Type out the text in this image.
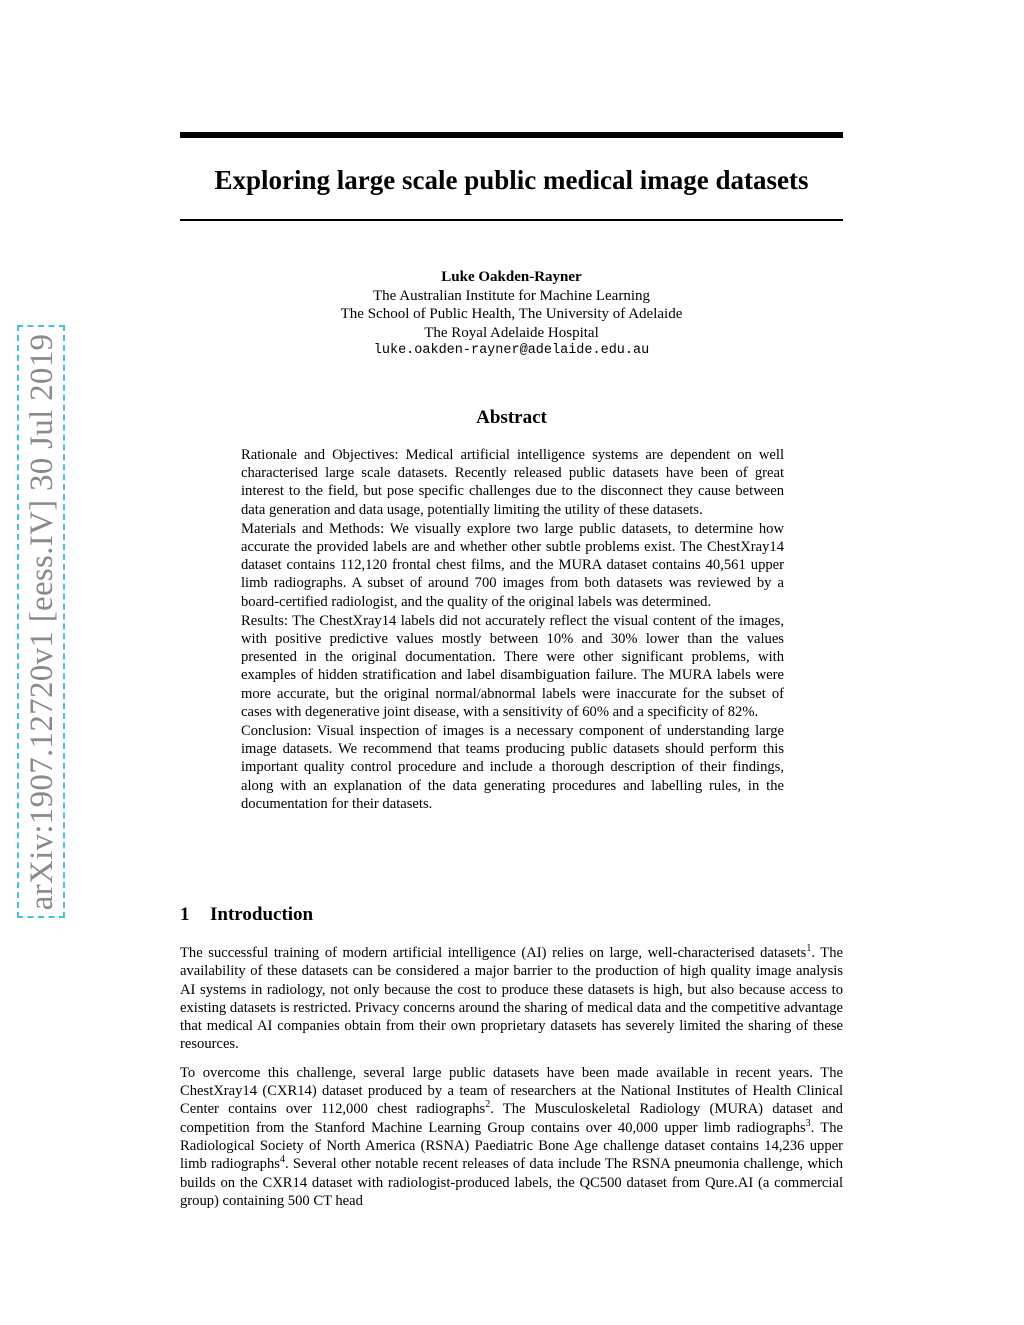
arXiv:1907.12720v1 [eess.IV] 30 Jul 2019
Exploring large scale public medical image datasets
Luke Oakden-Rayner
The Australian Institute for Machine Learning
The School of Public Health, The University of Adelaide
The Royal Adelaide Hospital
luke.oakden-rayner@adelaide.edu.au
Abstract

Rationale and Objectives: Medical artificial intelligence systems are dependent on well characterised large scale datasets. Recently released public datasets have been of great interest to the field, but pose specific challenges due to the disconnect they cause between data generation and data usage, potentially limiting the utility of these datasets.

Materials and Methods: We visually explore two large public datasets, to determine how accurate the provided labels are and whether other subtle problems exist. The ChestXray14 dataset contains 112,120 frontal chest films, and the MURA dataset contains 40,561 upper limb radiographs. A subset of around 700 images from both datasets was reviewed by a board-certified radiologist, and the quality of the original labels was determined.

Results: The ChestXray14 labels did not accurately reflect the visual content of the images, with positive predictive values mostly between 10% and 30% lower than the values presented in the original documentation. There were other significant problems, with examples of hidden stratification and label disambiguation failure. The MURA labels were more accurate, but the original normal/abnormal labels were inaccurate for the subset of cases with degenerative joint disease, with a sensitivity of 60% and a specificity of 82%.

Conclusion: Visual inspection of images is a necessary component of understanding large image datasets. We recommend that teams producing public datasets should perform this important quality control procedure and include a thorough description of their findings, along with an explanation of the data generating procedures and labelling rules, in the documentation for their datasets.

1 Introduction

The successful training of modern artificial intelligence (AI) relies on large, well-characterised datasets$^1$. The availability of these datasets can be considered a major barrier to the production of high quality image analysis AI systems in radiology, not only because the cost to produce these datasets is high, but also because access to existing datasets is restricted. Privacy concerns around the sharing of medical data and the competitive advantage that medical AI companies obtain from their own proprietary datasets has severely limited the sharing of these resources.

To overcome this challenge, several large public datasets have been made available in recent years. The ChestXray14 (CXR14) dataset produced by a team of researchers at the National Institutes of Health Clinical Center contains over 112,000 chest radiographs$^2$. The Musculoskeletal Radiology (MURA) dataset and competition from the Stanford Machine Learning Group contains over 40,000 upper limb radiographs$^3$. The Radiological Society of North America (RSNA) Paediatric Bone Age challenge dataset contains 14,236 upper limb radiographs$^4$. Several other notable recent releases of data include The RSNA pneumonia challenge, which builds on the CXR14 dataset with radiologist-produced labels, the QC500 dataset from Qure.AI (a commercial group) containing 500 CT head
